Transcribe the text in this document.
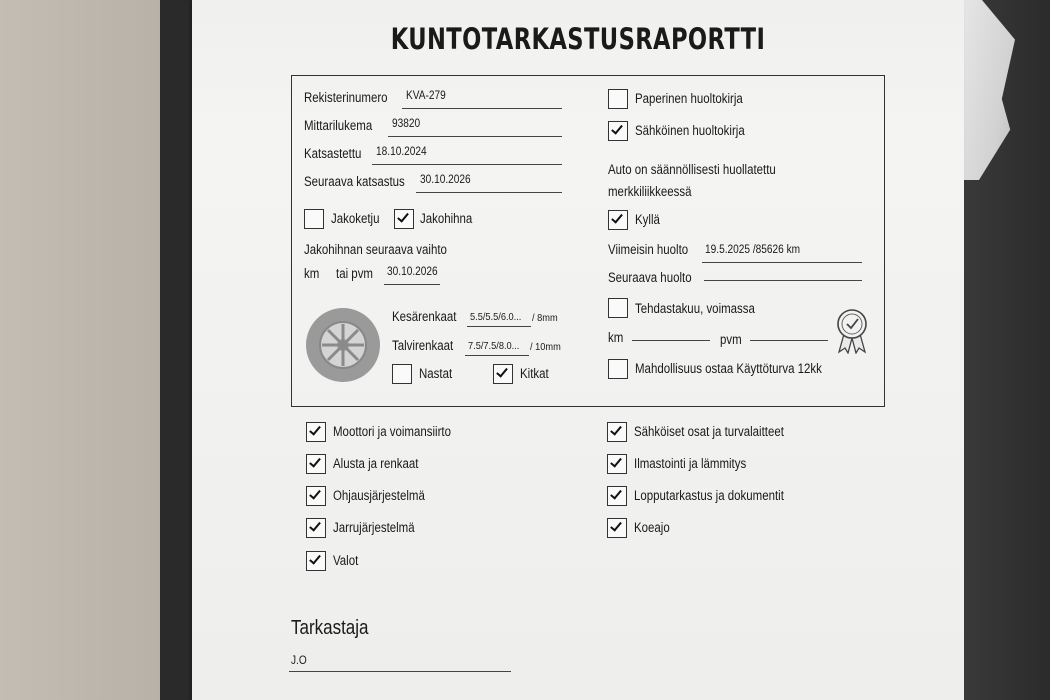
KUNTOTARKASTUSRAPORTTI
Rekisterinumero KVA-279
Mittarilukema 93820
Katsastettu 18.10.2024
Seuraava katsastus 30.10.2026
Jakoketju	Jakohihna
Jakohihnan seuraava vaihto
km tai pvm 30.10.2026
Kesärenkaat 5.5/5.5/6.0... / 8mm
Talvirenkaat 7.5/7.5/8.0... / 10mm
Nastat	Kitkat
Paperinen huoltokirja
Sähköinen huoltokirja
Auto on säännöllisesti huollatettu
merkkiliikkeessä
Kyllä
Viimeisin huolto 19.5.2025 /85626 km
Seuraava huolto
Tehdastakuu, voimassa
km	pvm
Mahdollisuus ostaa Käyttöturva 12kk
Moottori ja voimansiirto
Alusta ja renkaat
Ohjausjärjestelmä
Jarrujärjestelmä
Valot
Sähköiset osat ja turvalaitteet
Ilmastointi ja lämmitys
Lopputarkastus ja dokumentit
Koeajo
Tarkastaja
J.O
